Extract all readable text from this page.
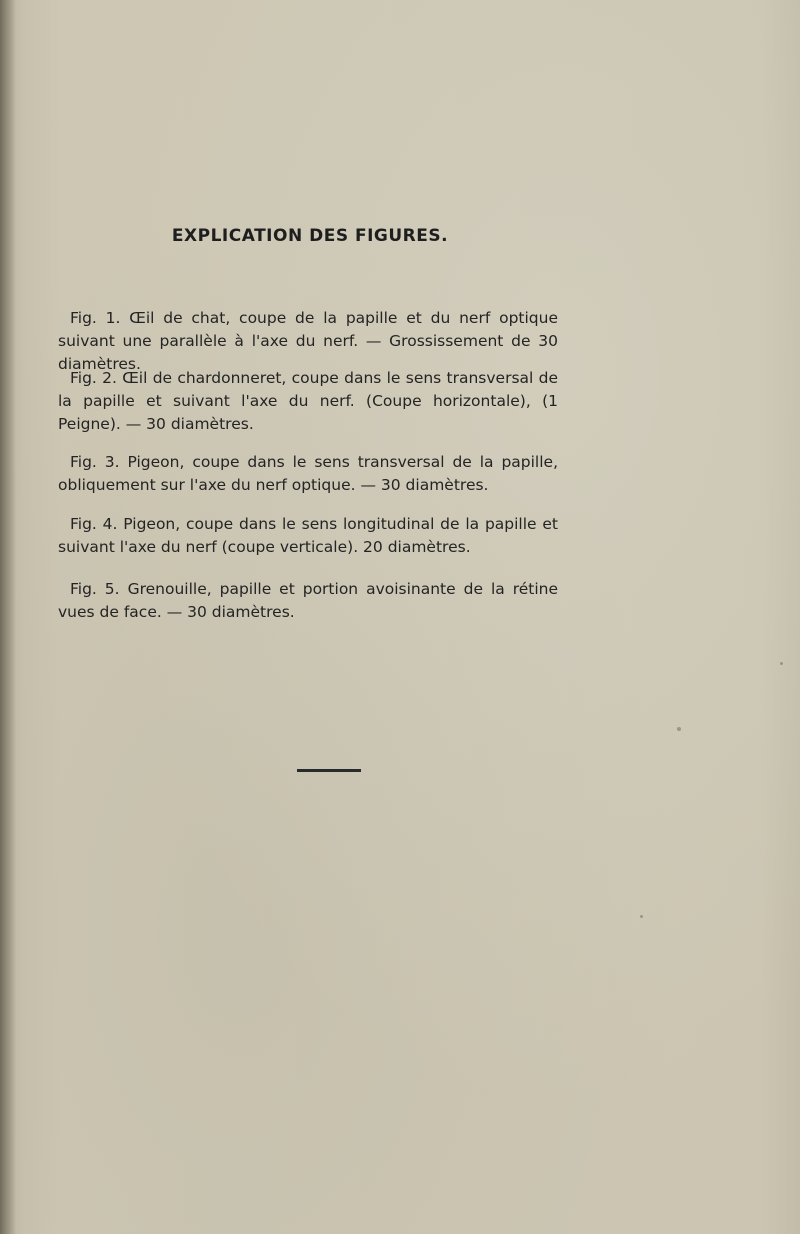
EXPLICATION DES FIGURES.

Fig. 1. Œil de chat, coupe de la papille et du nerf optique suivant une parallèle à l'axe du nerf. — Grossissement de 30 diamètres.

Fig. 2. Œil de chardonneret, coupe dans le sens transversal de la papille et suivant l'axe du nerf. (Coupe horizontale), (1 Peigne). — 30 diamètres.

Fig. 3. Pigeon, coupe dans le sens transversal de la papille, obliquement sur l'axe du nerf optique. — 30 diamètres.

Fig. 4. Pigeon, coupe dans le sens longitudinal de la papille et suivant l'axe du nerf (coupe verticale). 20 diamètres.

Fig. 5. Grenouille, papille et portion avoisinante de la rétine vues de face. — 30 diamètres.
